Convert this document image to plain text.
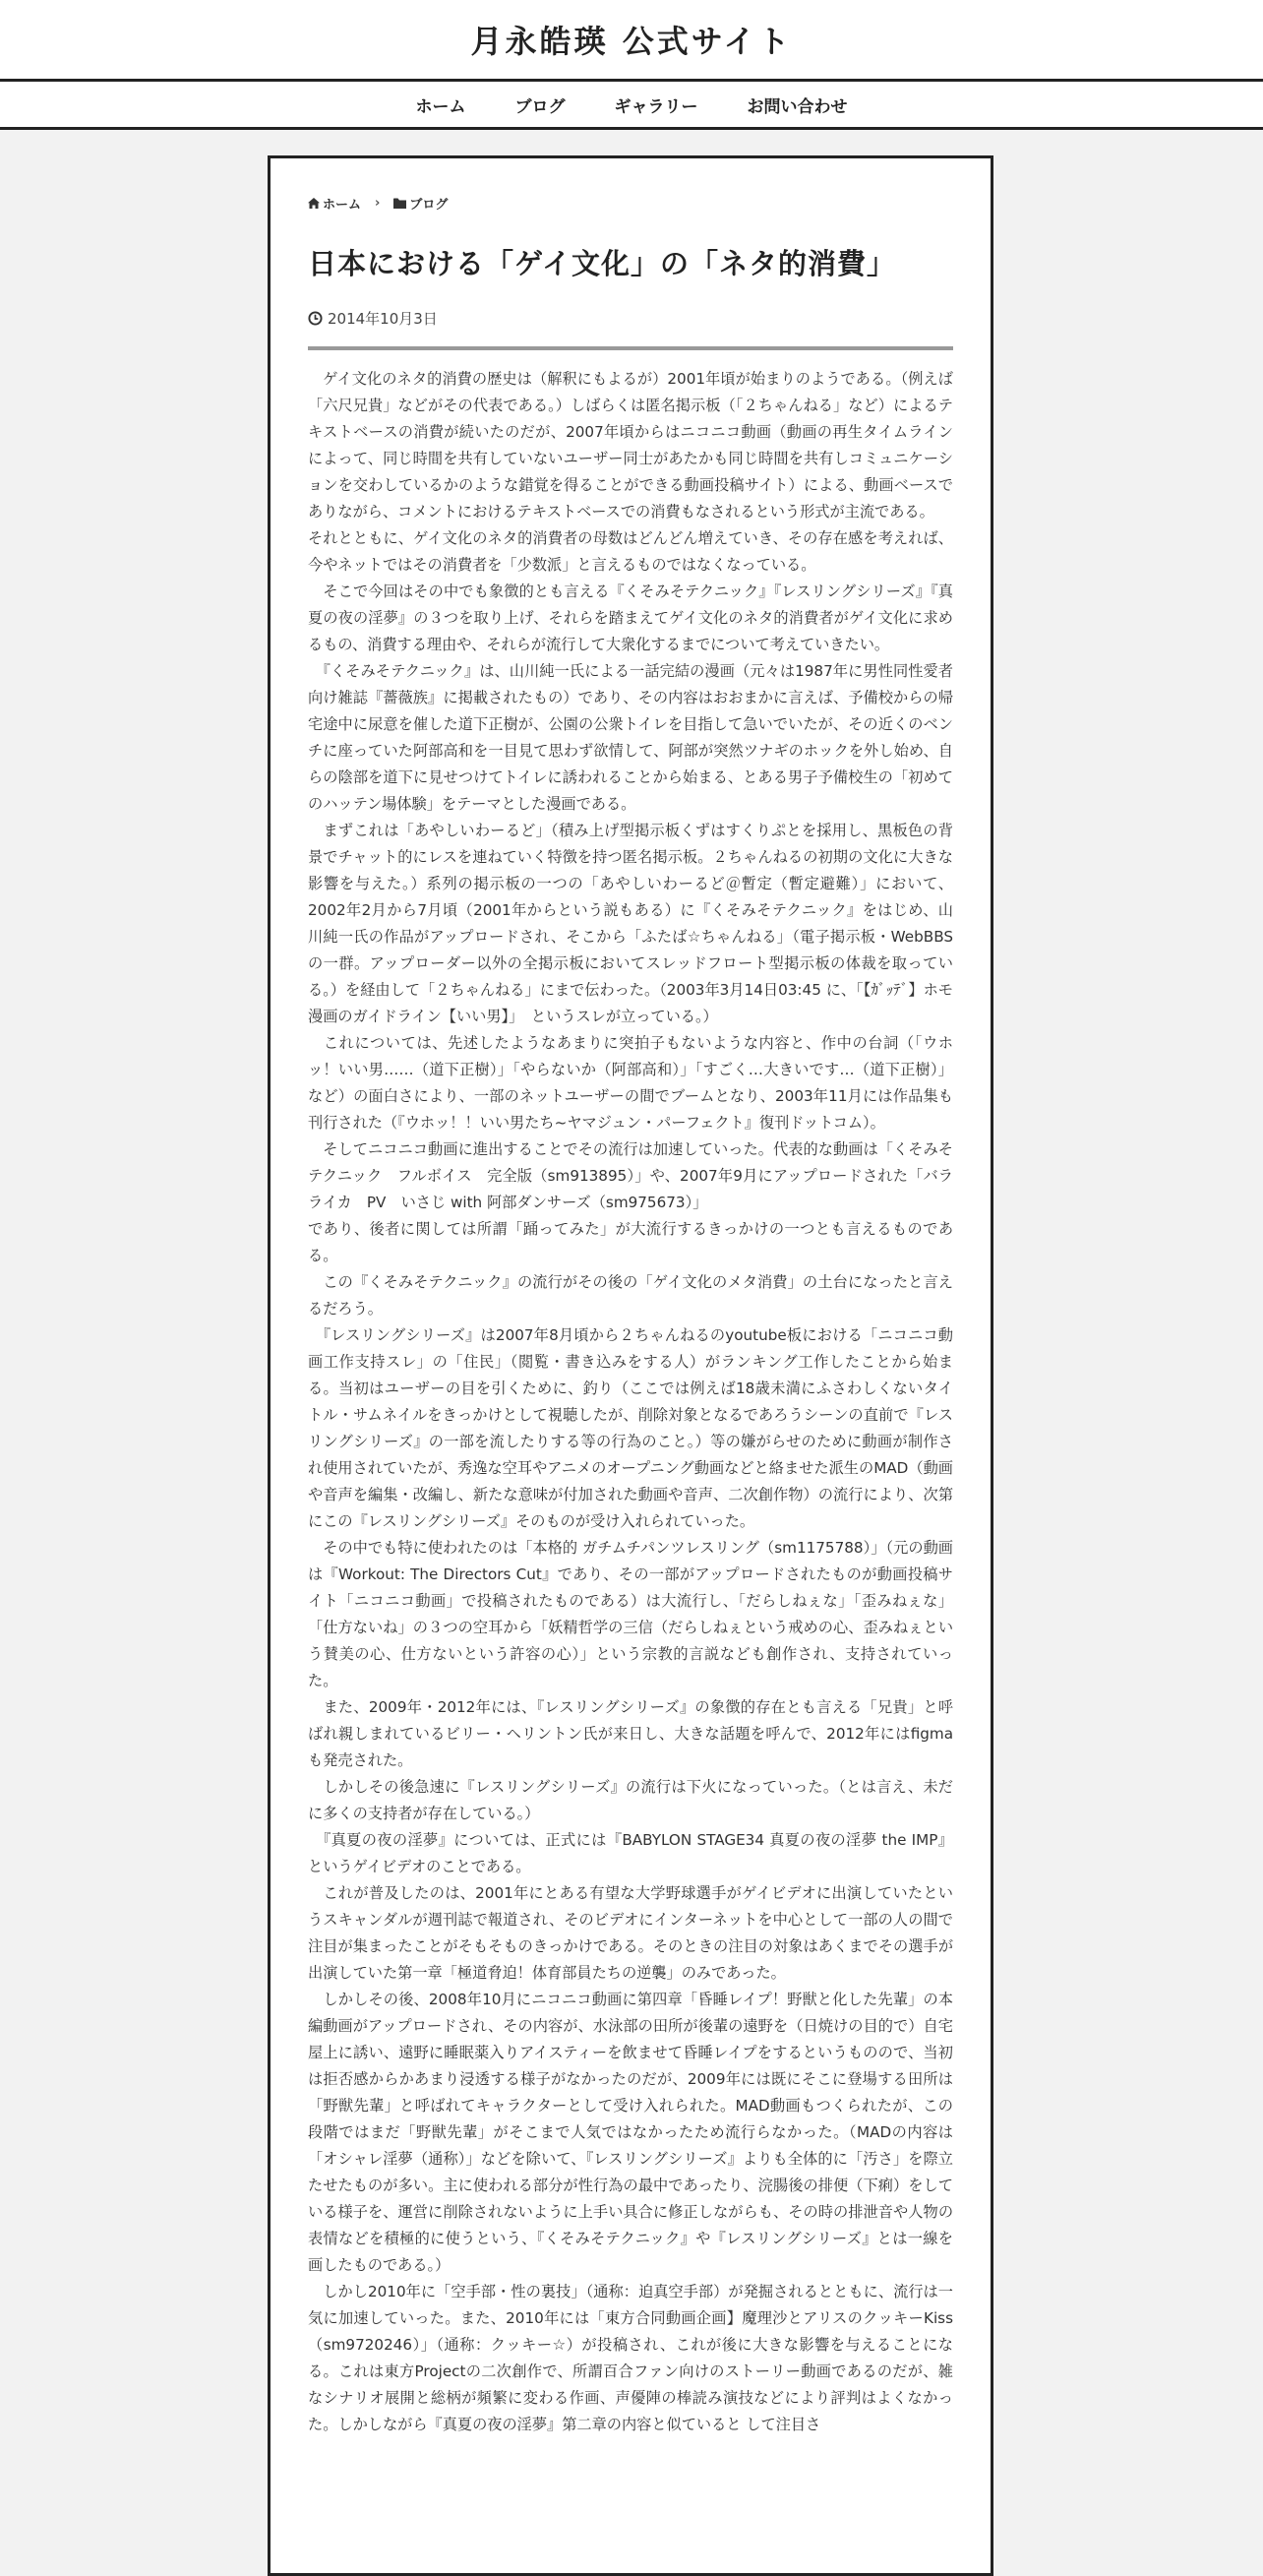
月永皓瑛 公式サイト
ホーム	ブログ	ギャラリー	お問い合わせ
ホーム › ブログ
日本における「ゲイ文化」の「ネタ的消費」
2014年10月3日

　ゲイ文化のネタ的消費の歴史は（解釈にもよるが）2001年頃が始まりのようである。（例えば「六尺兄貴」などがその代表である。）しばらくは匿名掲示板（「２ちゃんねる」など）によるテキストベースの消費が続いたのだが、2007年頃からはニコニコ動画（動画の再生タイムラインによって、同じ時間を共有していないユーザー同士があたかも同じ時間を共有しコミュニケーションを交わしているかのような錯覚を得ることができる動画投稿サイト）による、動画ベースでありながら、コメントにおけるテキストベースでの消費もなされるという形式が主流である。

それとともに、ゲイ文化のネタ的消費者の母数はどんどん増えていき、その存在感を考えれば、今やネットではその消費者を「少数派」と言えるものではなくなっている。

　そこで今回はその中でも象徴的とも言える『くそみそテクニック』『レスリングシリーズ』『真夏の夜の淫夢』の３つを取り上げ、それらを踏まえてゲイ文化のネタ的消費者がゲイ文化に求めるもの、消費する理由や、それらが流行して大衆化するまでについて考えていきたい。

　『くそみそテクニック』は、山川純一氏による一話完結の漫画（元々は1987年に男性同性愛者向け雑誌『薔薇族』に掲載されたもの）であり、その内容はおおまかに言えば、予備校からの帰宅途中に尿意を催した道下正樹が、公園の公衆トイレを目指して急いでいたが、その近くのベンチに座っていた阿部高和を一目見て思わず欲情して、阿部が突然ツナギのホックを外し始め、自らの陰部を道下に見せつけてトイレに誘われることから始まる、とある男子予備校生の「初めてのハッテン場体験」をテーマとした漫画である。

　まずこれは「あやしいわーるど」（積み上げ型掲示板くずはすくりぷとを採用し、黒板色の背景でチャット的にレスを連ねていく特徴を持つ匿名掲示板。２ちゃんねるの初期の文化に大きな影響を与えた。）系列の掲示板の一つの「あやしいわーるど＠暫定（暫定避難）」において、2002年2月から7月頃（2001年からという説もある）に『くそみそテクニック』をはじめ、山川純一氏の作品がアップロードされ、そこから「ふたば☆ちゃんねる」（電子掲示板・WebBBSの一群。アップローダー以外の全掲示板においてスレッドフロート型掲示板の体裁を取っている。）を経由して「２ちゃんねる」にまで伝わった。（2003年3月14日03:45 に、「【ｶﾞｯﾃﾞ】ホモ漫画のガイドライン【いい男】」　というスレが立っている。）

　これについては、先述したようなあまりに突拍子もないような内容と、作中の台詞（「ウホッ！いい男……（道下正樹）」「やらないか（阿部高和）」「すごく…大きいです…（道下正樹）」など）の面白さにより、一部のネットユーザーの間でブームとなり、2003年11月には作品集も刊行された（『ウホッ！！いい男たち~ヤマジュン・パーフェクト』復刊ドットコム）。

　そしてニコニコ動画に進出することでその流行は加速していった。代表的な動画は「くそみそテクニック　フルボイス　完全版（sm913895）」や、2007年9月にアップロードされた「バラライカ　PV　いさじ with 阿部ダンサーズ（sm975673）」

であり、後者に関しては所謂「踊ってみた」が大流行するきっかけの一つとも言えるものである。

　この『くそみそテクニック』の流行がその後の「ゲイ文化のメタ消費」の土台になったと言えるだろう。

　『レスリングシリーズ』は2007年8月頃から２ちゃんねるのyoutube板における「ニコニコ動画工作支持スレ」の「住民」（閲覧・書き込みをする人）がランキング工作したことから始まる。当初はユーザーの目を引くために、釣り（ここでは例えば18歳未満にふさわしくないタイトル・サムネイルをきっかけとして視聴したが、削除対象となるであろうシーンの直前で『レスリングシリーズ』の一部を流したりする等の行為のこと。）等の嫌がらせのために動画が制作され使用されていたが、秀逸な空耳やアニメのオープニング動画などと絡ませた派生のMAD（動画や音声を編集・改編し、新たな意味が付加された動画や音声、二次創作物）の流行により、次第にこの『レスリングシリーズ』そのものが受け入れられていった。

　その中でも特に使われたのは「本格的 ガチムチパンツレスリング（sm1175788）」（元の動画は『Workout: The Directors Cut』であり、その一部がアップロードされたものが動画投稿サイト「ニコニコ動画」で投稿されたものである）は大流行し、「だらしねぇな」「歪みねぇな」「仕方ないね」の３つの空耳から「妖精哲学の三信（だらしねぇという戒めの心、歪みねぇという賛美の心、仕方ないという許容の心）」という宗教的言説なども創作され、支持されていった。

　また、2009年・2012年には、『レスリングシリーズ』の象徴的存在とも言える「兄貴」と呼ばれ親しまれているビリー・ヘリントン氏が来日し、大きな話題を呼んで、2012年にはfigmaも発売された。

　しかしその後急速に『レスリングシリーズ』の流行は下火になっていった。（とは言え、未だに多くの支持者が存在している。）

　『真夏の夜の淫夢』については、正式には『BABYLON STAGE34 真夏の夜の淫夢 the IMP』というゲイビデオのことである。

　これが普及したのは、2001年にとある有望な大学野球選手がゲイビデオに出演していたというスキャンダルが週刊誌で報道され、そのビデオにインターネットを中心として一部の人の間で注目が集まったことがそもそものきっかけである。そのときの注目の対象はあくまでその選手が出演していた第一章「極道脅迫！体育部員たちの逆襲」のみであった。

　しかしその後、2008年10月にニコニコ動画に第四章「昏睡レイプ！野獣と化した先輩」の本編動画がアップロードされ、その内容が、水泳部の田所が後輩の遠野を（日焼けの目的で）自宅屋上に誘い、遠野に睡眠薬入りアイスティーを飲ませて昏睡レイプをするというものので、当初は拒否感からかあまり浸透する様子がなかったのだが、2009年には既にそこに登場する田所は「野獣先輩」と呼ばれてキャラクターとして受け入れられた。MAD動画もつくられたが、この段階ではまだ「野獣先輩」がそこまで人気ではなかったため流行らなかった。（MADの内容は「オシャレ淫夢（通称）」などを除いて、『レスリングシリーズ』よりも全体的に「汚さ」を際立たせたものが多い。主に使われる部分が性行為の最中であったり、浣腸後の排便（下痢）をしている様子を、運営に削除されないように上手い具合に修正しながらも、その時の排泄音や人物の表情などを積極的に使うという、『くそみそテクニック』や『レスリングシリーズ』とは一線を画したものである。）

　しかし2010年に「空手部・性の裏技」（通称：迫真空手部）が発掘されるとともに、流行は一気に加速していった。また、2010年には「東方合同動画企画】魔理沙とアリスのクッキーKiss（sm9720246）」（通称：クッキー☆）が投稿され、これが後に大きな影響を与えることになる。これは東方Projectの二次創作で、所謂百合ファン向けのストーリー動画であるのだが、雑なシナリオ展開と総柄が頻繁に変わる作画、声優陣の棒読み演技などにより評判はよくなかった。しかしながら『真夏の夜の淫夢』第二章の内容と似ていると して注目さ
